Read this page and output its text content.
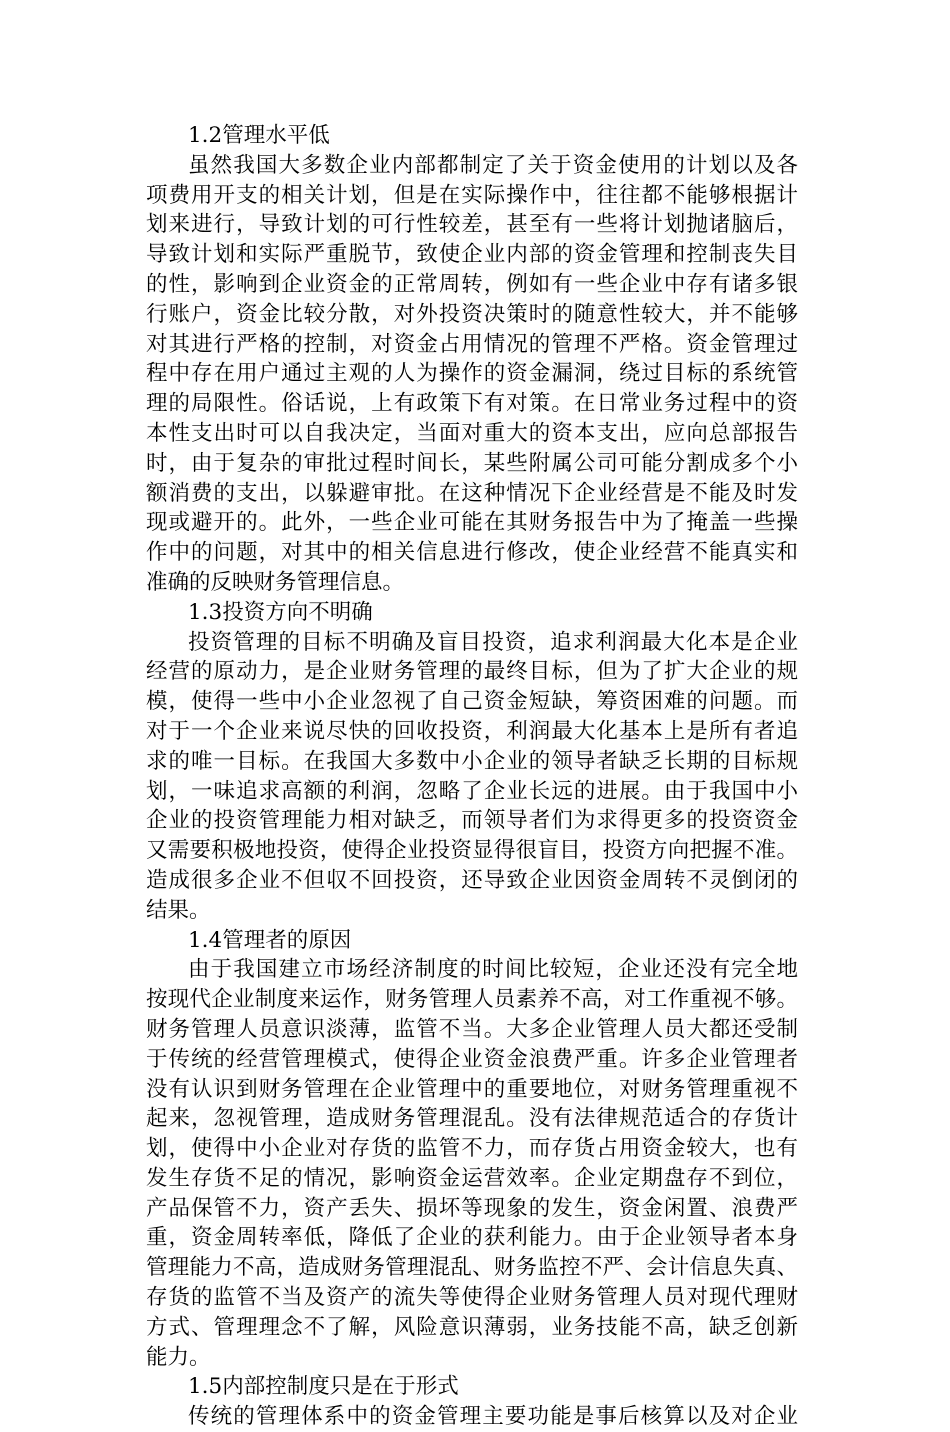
1.2管理水平低
虽然我国大多数企业内部都制定了关于资金使用的计划以及各
项费用开支的相关计划，但是在实际操作中，往往都不能够根据计
划来进行，导致计划的可行性较差，甚至有一些将计划抛诸脑后，
导致计划和实际严重脱节，致使企业内部的资金管理和控制丧失目
的性，影响到企业资金的正常周转，例如有一些企业中存有诸多银
行账户，资金比较分散，对外投资决策时的随意性较大，并不能够
对其进行严格的控制，对资金占用情况的管理不严格。资金管理过
程中存在用户通过主观的人为操作的资金漏洞，绕过目标的系统管
理的局限性。俗话说，上有政策下有对策。在日常业务过程中的资
本性支出时可以自我决定，当面对重大的资本支出，应向总部报告
时，由于复杂的审批过程时间长，某些附属公司可能分割成多个小
额消费的支出，以躲避审批。在这种情况下企业经营是不能及时发
现或避开的。此外，一些企业可能在其财务报告中为了掩盖一些操
作中的问题，对其中的相关信息进行修改，使企业经营不能真实和
准确的反映财务管理信息。
1.3投资方向不明确
投资管理的目标不明确及盲目投资，追求利润最大化本是企业
经营的原动力，是企业财务管理的最终目标，但为了扩大企业的规
模，使得一些中小企业忽视了自己资金短缺，筹资困难的问题。而
对于一个企业来说尽快的回收投资，利润最大化基本上是所有者追
求的唯一目标。在我国大多数中小企业的领导者缺乏长期的目标规
划，一味追求高额的利润，忽略了企业长远的进展。由于我国中小
企业的投资管理能力相对缺乏，而领导者们为求得更多的投资资金
又需要积极地投资，使得企业投资显得很盲目，投资方向把握不准。
造成很多企业不但収不回投资，还导致企业因资金周转不灵倒闭的
结果。
1.4管理者的原因
由于我国建立市场经济制度的时间比较短，企业还没有完全地
按现代企业制度来运作，财务管理人员素养不高，对工作重视不够。
财务管理人员意识淡薄，监管不当。大多企业管理人员大都还受制
于传统的经营管理模式，使得企业资金浪费严重。许多企业管理者
没有认识到财务管理在企业管理中的重要地位，对财务管理重视不
起来，忽视管理，造成财务管理混乱。没有法律规范适合的存货计
划，使得中小企业对存货的监管不力，而存货占用资金较大，也有
发生存货不足的情况，影响资金运营效率。企业定期盘存不到位，
产品保管不力，资产丢失、损坏等现象的发生，资金闲置、浪费严
重，资金周转率低，降低了企业的获利能力。由于企业领导者本身
管理能力不高，造成财务管理混乱、财务监控不严、会计信息失真、
存货的监管不当及资产的流失等使得企业财务管理人员对现代理财
方式、管理理念不了解，风险意识薄弱，业务技能不高，缺乏创新
能力。
1.5内部控制度只是在于形式
传统的管理体系中的资金管理主要功能是事后核算以及对企业
